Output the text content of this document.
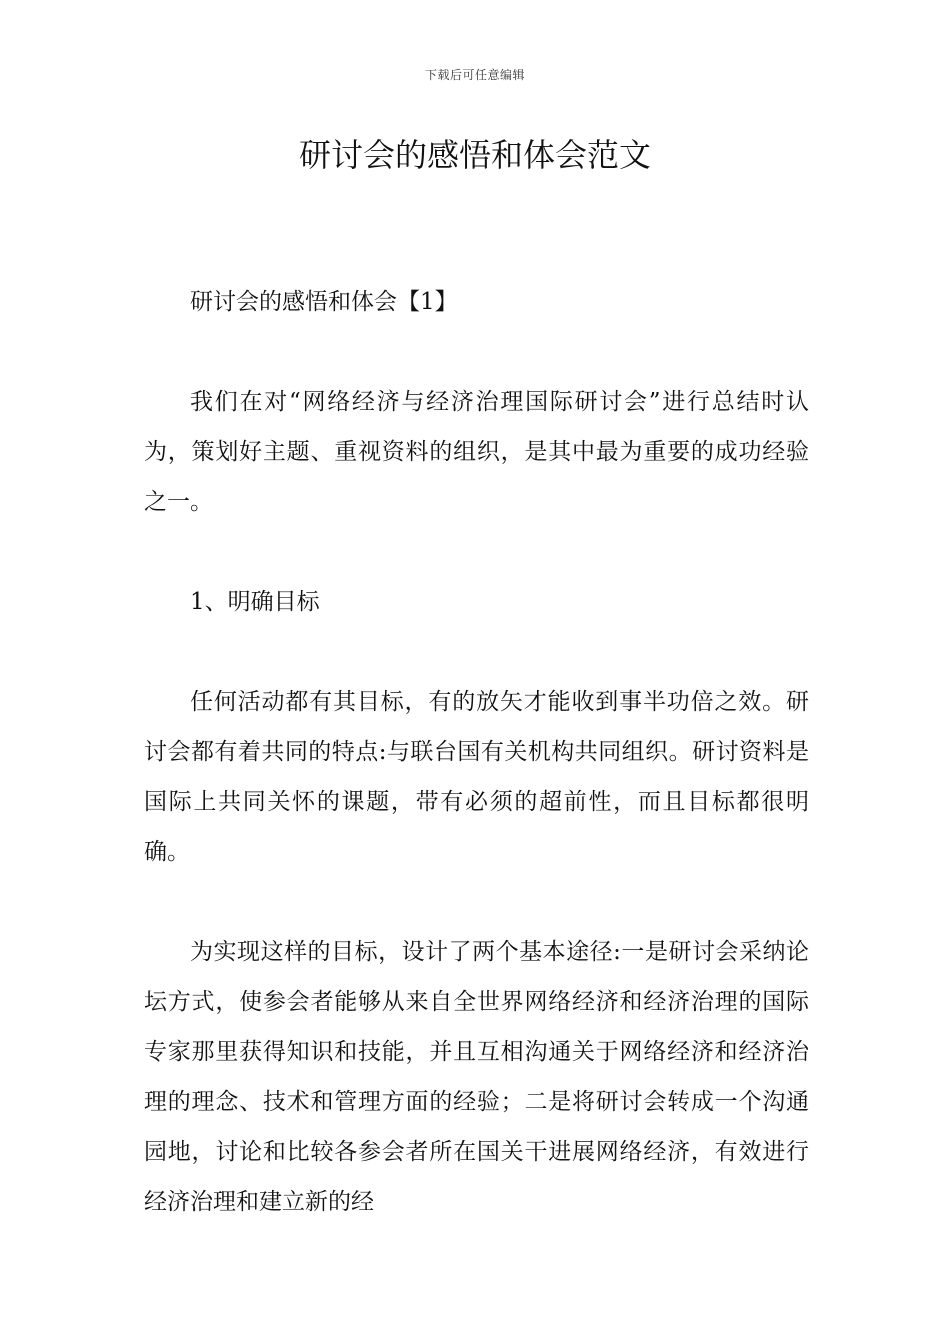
下载后可任意编辑
研讨会的感悟和体会范文

研讨会的感悟和体会【1】

我们在对“网络经济与经济治理国际研讨会”进行总结时认为，策划好主题、重视资料的组织，是其中最为重要的成功经验之一。

1、明确目标

任何活动都有其目标，有的放矢才能收到事半功倍之效。研讨会都有着共同的特点:与联台国有关机构共同组织。研讨资料是国际上共同关怀的课题，带有必须的超前性，而且目标都很明确。

为实现这样的目标，设计了两个基本途径:一是研讨会采纳论坛方式，使参会者能够从来自全世界网络经济和经济治理的国际专家那里获得知识和技能，并且互相沟通关于网络经济和经济治理的理念、技术和管理方面的经验；二是将研讨会转成一个沟通园地，讨论和比较各参会者所在国关干进展网络经济，有效进行经济治理和建立新的经
